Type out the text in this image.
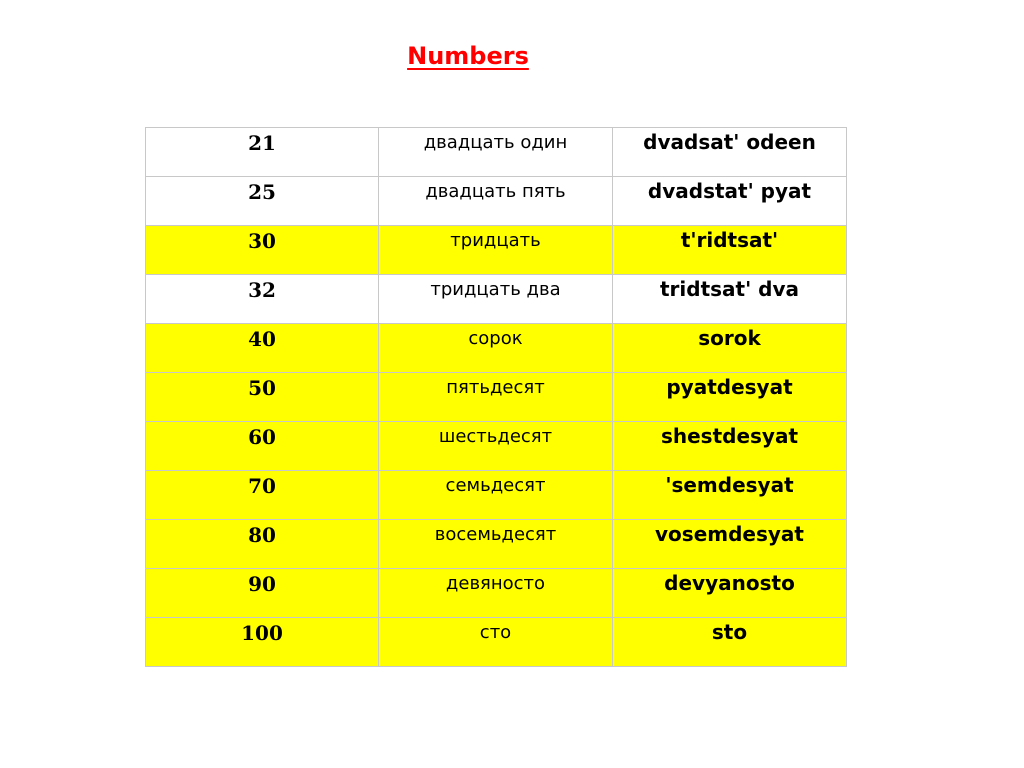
Numbers
21	двадцать один	dvadsat' odeen
25	двадцать пять	dvadstat' pyat
30	тридцать	t'ridtsat'
32	тридцать два	tridtsat' dva
40	сорок	sorok
50	пятьдесят	pyatdesyat
60	шестьдесят	shestdesyat
70	семьдесят	'semdesyat
80	восемьдесят	vosemdesyat
90	девяносто	devyanosto
100	сто	sto
